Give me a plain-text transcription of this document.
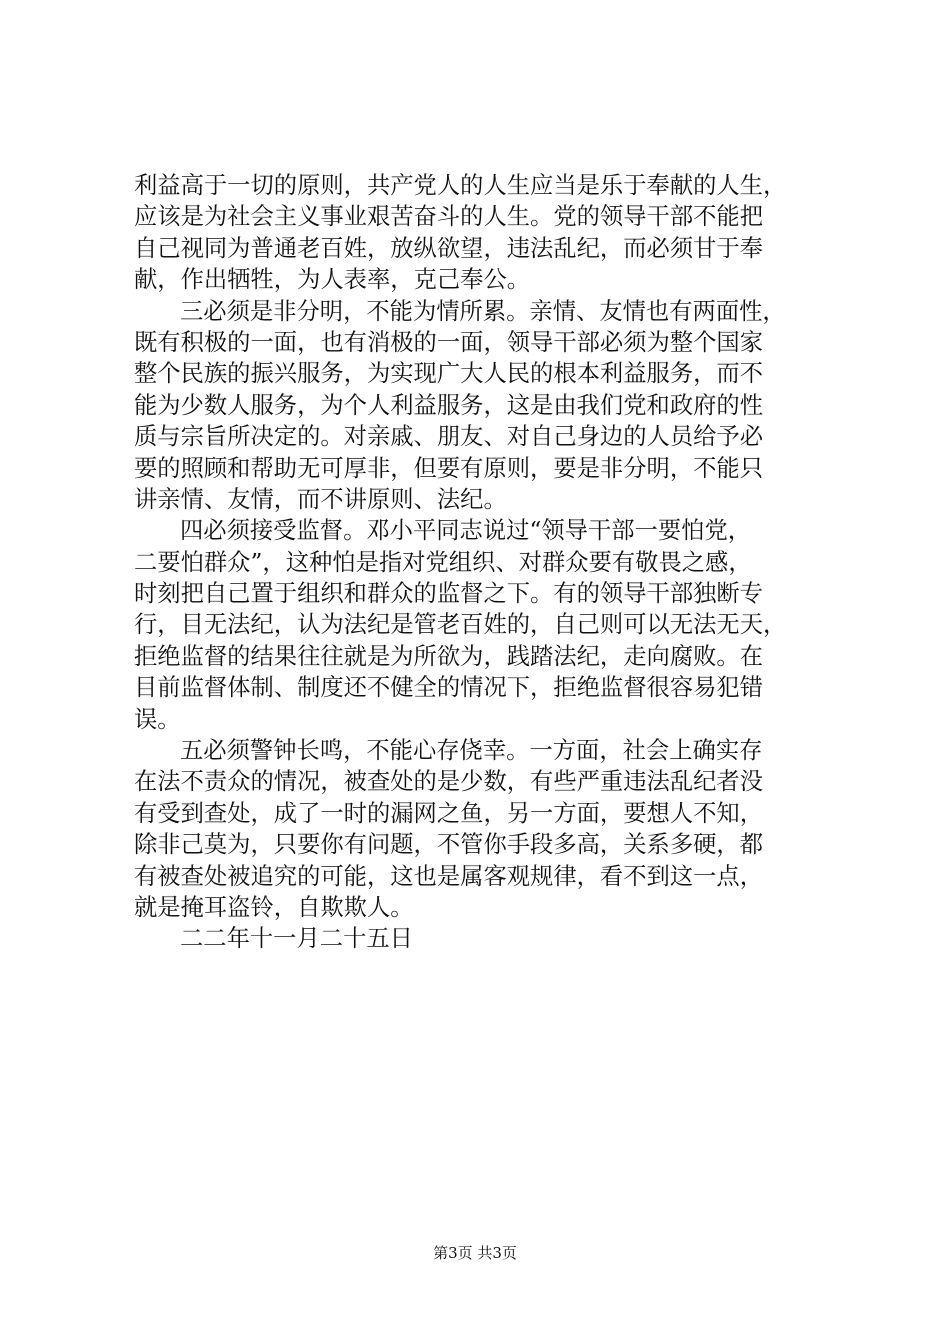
利益高于一切的原则，共产党人的人生应当是乐于奉献的人生，
应该是为社会主义事业艰苦奋斗的人生。党的领导干部不能把
自己视同为普通老百姓，放纵欲望，违法乱纪，而必须甘于奉
献，作出牺牲，为人表率，克己奉公。
三必须是非分明，不能为情所累。亲情、友情也有两面性，
既有积极的一面，也有消极的一面，领导干部必须为整个国家
整个民族的振兴服务，为实现广大人民的根本利益服务，而不
能为少数人服务，为个人利益服务，这是由我们党和政府的性
质与宗旨所决定的。对亲戚、朋友、对自己身边的人员给予必
要的照顾和帮助无可厚非，但要有原则，要是非分明，不能只
讲亲情、友情，而不讲原则、法纪。
四必须接受监督。邓小平同志说过“领导干部一要怕党，
二要怕群众”，这种怕是指对党组织、对群众要有敬畏之感，
时刻把自己置于组织和群众的监督之下。有的领导干部独断专
行，目无法纪，认为法纪是管老百姓的，自己则可以无法无天，
拒绝监督的结果往往就是为所欲为，践踏法纪，走向腐败。在
目前监督体制、制度还不健全的情况下，拒绝监督很容易犯错
误。
五必须警钟长鸣，不能心存侥幸。一方面，社会上确实存
在法不责众的情况，被查处的是少数，有些严重违法乱纪者没
有受到查处，成了一时的漏网之鱼，另一方面，要想人不知，
除非己莫为，只要你有问题，不管你手段多高，关系多硬，都
有被查处被追究的可能，这也是属客观规律，看不到这一点，
就是掩耳盗铃，自欺欺人。
二二年十一月二十五日
第3页 共3页
